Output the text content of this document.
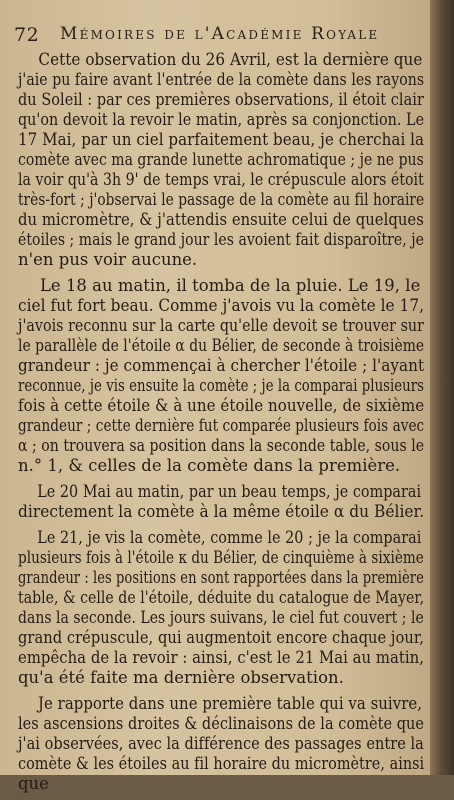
72 Mémoires de l'Académie Royale
Cette observation du 26 Avril, est la dernière que
j'aie pu faire avant l'entrée de la comète dans les rayons
du Soleil : par ces premières observations, il étoit clair
qu'on devoit la revoir le matin, après sa conjonction. Le
17 Mai, par un ciel parfaitement beau, je cherchai la
comète avec ma grande lunette achromatique ; je ne pus
la voir qu'à 3h 9' de temps vrai, le crépuscule alors étoit
très-fort ; j'observai le passage de la comète au fil horaire
du micromètre, & j'attendis ensuite celui de quelques
étoiles ; mais le grand jour les avoient fait disparoître, je
n'en pus voir aucune.
Le 18 au matin, il tomba de la pluie. Le 19, le
ciel fut fort beau. Comme j'avois vu la comète le 17,
j'avois reconnu sur la carte qu'elle devoit se trouver sur
le parallèle de l'étoile α du Bélier, de seconde à troisième
grandeur : je commençai à chercher l'étoile ; l'ayant
reconnue, je vis ensuite la comète ; je la comparai plusieurs
fois à cette étoile & à une étoile nouvelle, de sixième
grandeur ; cette dernière fut comparée plusieurs fois avec
α ; on trouvera sa position dans la seconde table, sous le
n.° 1, & celles de la comète dans la première.
Le 20 Mai au matin, par un beau temps, je comparai
directement la comète à la même étoile α du Bélier.
Le 21, je vis la comète, comme le 20 ; je la comparai
plusieurs fois à l'étoile κ du Bélier, de cinquième à sixième
grandeur : les positions en sont rapportées dans la première
table, & celle de l'étoile, déduite du catalogue de Mayer,
dans la seconde. Les jours suivans, le ciel fut couvert ; le
grand crépuscule, qui augmentoit encore chaque jour,
empêcha de la revoir : ainsi, c'est le 21 Mai au matin,
qu'a été faite ma dernière observation.
Je rapporte dans une première table qui va suivre,
les ascensions droites & déclinaisons de la comète que
j'ai observées, avec la différence des passages entre la
comète & les étoiles au fil horaire du micromètre, ainsi
que
